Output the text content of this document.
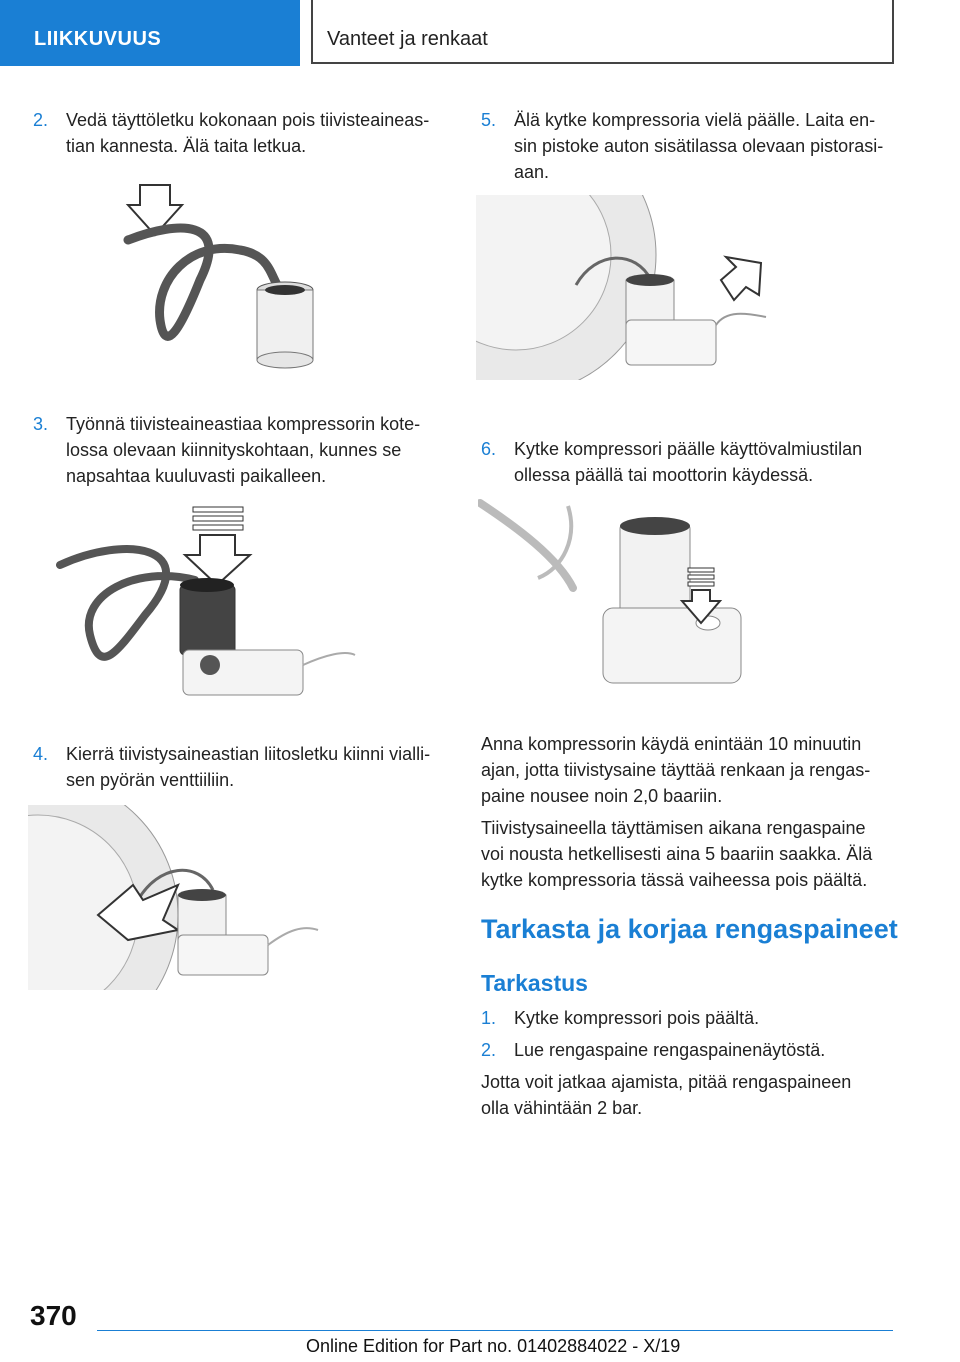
LIIKKUVUUS	Vanteet ja renkaat
2. Vedä täyttöletku kokonaan pois tiivisteaineas‐
tian kannesta. Älä taita letkua.
3. Työnnä tiivisteaineastiaa kompressorin kote‐
lossa olevaan kiinnityskohtaan, kunnes se
napsahtaa kuuluvasti paikalleen.
4. Kierrä tiivistysaineastian liitosletku kiinni vialli‐
sen pyörän venttiiliin.
5. Älä kytke kompressoria vielä päälle. Laita en‐
sin pistoke auton sisätilassa olevaan pistorasi‐
aan.
6. Kytke kompressori päälle käyttövalmiustilan
ollessa päällä tai moottorin käydessä.
Anna kompressorin käydä enintään 10 minuutin
ajan, jotta tiivistysaine täyttää renkaan ja rengas‐
paine nousee noin 2,0 baariin.
Tiivistysaineella täyttämisen aikana rengaspaine
voi nousta hetkellisesti aina 5 baariin saakka. Älä
kytke kompressoria tässä vaiheessa pois päältä.
Tarkasta ja korjaa rengaspaineet
Tarkastus
1. Kytke kompressori pois päältä.
2. Lue rengaspaine rengaspainenäytöstä.
Jotta voit jatkaa ajamista, pitää rengaspaineen
olla vähintään 2 bar.
370
Online Edition for Part no. 01402884022 - X/19
